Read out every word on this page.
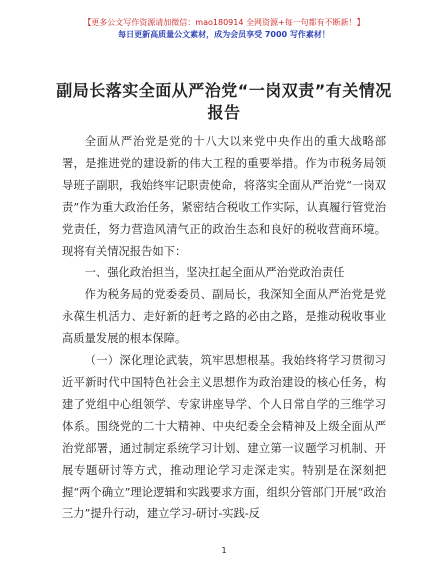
【更多公文写作资源请加微信：mao180914 全网资源+每一句都有不断新！】
每日更新高质量公文素材，成为会员享受 7000 写作素材！
副局长落实全面从严治党“一岗双责”有关情况报告

全面从严治党是党的十八大以来党中央作出的重大战略部署，是推进党的建设新的伟大工程的重要举措。作为市税务局领导班子副职，我始终牢记职责使命，将落实全面从严治党“一岗双责”作为重大政治任务，紧密结合税收工作实际，认真履行管党治党责任，努力营造风清气正的政治生态和良好的税收营商环境。现将有关情况报告如下：

一、强化政治担当，坚决扛起全面从严治党政治责任

作为税务局的党委委员、副局长，我深知全面从严治党是党永葆生机活力、走好新的赶考之路的必由之路，是推动税收事业高质量发展的根本保障。

（一）深化理论武装，筑牢思想根基。我始终将学习贯彻习近平新时代中国特色社会主义思想作为政治建设的核心任务，构建了党组中心组领学、专家讲座导学、个人日常自学的三维学习体系。围绕党的二十大精神、中央纪委全会精神及上级全面从严治党部署，通过制定系统学习计划、建立第一议题学习机制、开展专题研讨等方式，推动理论学习走深走实。特别是在深刻把握“两个确立”理论逻辑和实践要求方面，组织分管部门开展“政治三力”提升行动，建立学习-研讨-实践-反

1
